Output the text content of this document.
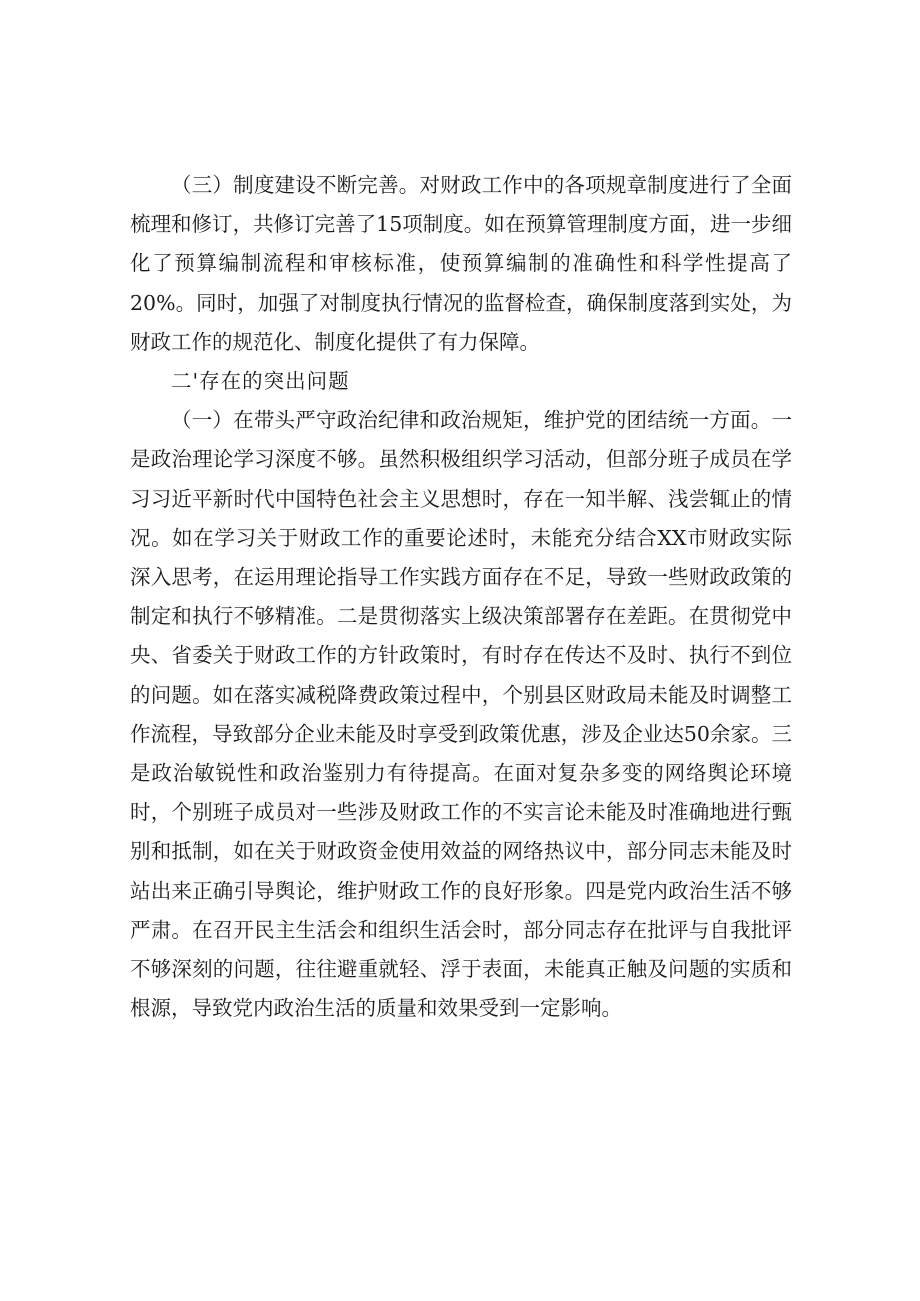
（三）制度建设不断完善。对财政工作中的各项规章制度进行了全面梳理和修订，共修订完善了15项制度。如在预算管理制度方面，进一步细化了预算编制流程和审核标准，使预算编制的准确性和科学性提高了20%。同时，加强了对制度执行情况的监督检查，确保制度落到实处，为财政工作的规范化、制度化提供了有力保障。

二'存在的突出问题

（一）在带头严守政治纪律和政治规矩，维护党的团结统一方面。一是政治理论学习深度不够。虽然积极组织学习活动，但部分班子成员在学习习近平新时代中国特色社会主义思想时，存在一知半解、浅尝辄止的情况。如在学习关于财政工作的重要论述时，未能充分结合XX市财政实际深入思考，在运用理论指导工作实践方面存在不足，导致一些财政政策的制定和执行不够精准。二是贯彻落实上级决策部署存在差距。在贯彻党中央、省委关于财政工作的方针政策时，有时存在传达不及时、执行不到位的问题。如在落实减税降费政策过程中，个别县区财政局未能及时调整工作流程，导致部分企业未能及时享受到政策优惠，涉及企业达50余家。三是政治敏锐性和政治鉴别力有待提高。在面对复杂多变的网络舆论环境时，个别班子成员对一些涉及财政工作的不实言论未能及时准确地进行甄别和抵制，如在关于财政资金使用效益的网络热议中，部分同志未能及时站出来正确引导舆论，维护财政工作的良好形象。四是党内政治生活不够严肃。在召开民主生活会和组织生活会时，部分同志存在批评与自我批评不够深刻的问题，往往避重就轻、浮于表面，未能真正触及问题的实质和根源，导致党内政治生活的质量和效果受到一定影响。
